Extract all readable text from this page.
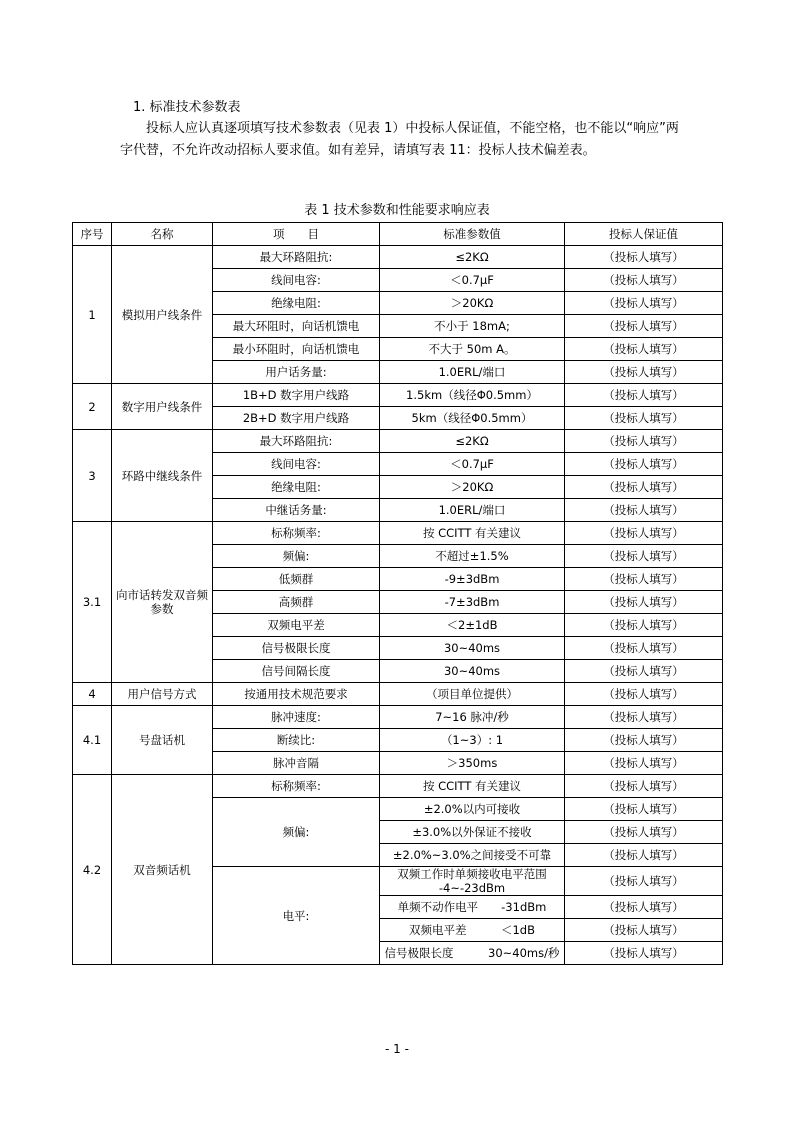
1. 标准技术参数表
投标人应认真逐项填写技术参数表（见表 1）中投标人保证值，不能空格，也不能以“响应”两字代替，不允许改动招标人要求值。如有差异，请填写表 11：投标人技术偏差表。
表 1 技术参数和性能要求响应表
序号	名称	项　　目	标准参数值	投标人保证值
1	模拟用户线条件	最大环路阻抗:	≤2KΩ	（投标人填写）
		线间电容:	＜0.7μF	（投标人填写）
		绝缘电阻:	＞20KΩ	（投标人填写）
		最大环阻时，向话机馈电	不小于 18mA;	（投标人填写）
		最小环阻时，向话机馈电	不大于 50m A。	（投标人填写）
		用户话务量:	1.0ERL/端口	（投标人填写）
2	数字用户线条件	1B+D 数字用户线路	1.5km（线径Φ0.5mm）	（投标人填写）
		2B+D 数字用户线路	5km（线径Φ0.5mm）	（投标人填写）
3	环路中继线条件	最大环路阻抗:	≤2KΩ	（投标人填写）
		线间电容:	＜0.7μF	（投标人填写）
		绝缘电阻:	＞20KΩ	（投标人填写）
		中继话务量:	1.0ERL/端口	（投标人填写）
3.1	向市话转发双音频参数	标称频率:	按 CCITT 有关建议	（投标人填写）
		频偏:	不超过±1.5%	（投标人填写）
		低频群	-9±3dBm	（投标人填写）
		高频群	-7±3dBm	（投标人填写）
		双频电平差	＜2±1dB	（投标人填写）
		信号极限长度	30~40ms	（投标人填写）
		信号间隔长度	30~40ms	（投标人填写）
4	用户信号方式	按通用技术规范要求	（项目单位提供）	（投标人填写）
4.1	号盘话机	脉冲速度:	7~16 脉冲/秒	（投标人填写）
		断续比:	（1~3）: 1	（投标人填写）
		脉冲音隔	＞350ms	（投标人填写）
4.2	双音频话机	标称频率:	按 CCITT 有关建议	（投标人填写）
		频偏:	±2.0%以内可接收	（投标人填写）
			±3.0%以外保证不接收	（投标人填写）
			±2.0%~3.0%之间接受不可靠	（投标人填写）
		电平:	双频工作时单频接收电平范围 -4~-23dBm	（投标人填写）
			单频不动作电平　　-31dBm	（投标人填写）
			双频电平差　　　＜1dB	（投标人填写）
			信号极限长度　　　30~40ms/秒	（投标人填写）
- 1 -
